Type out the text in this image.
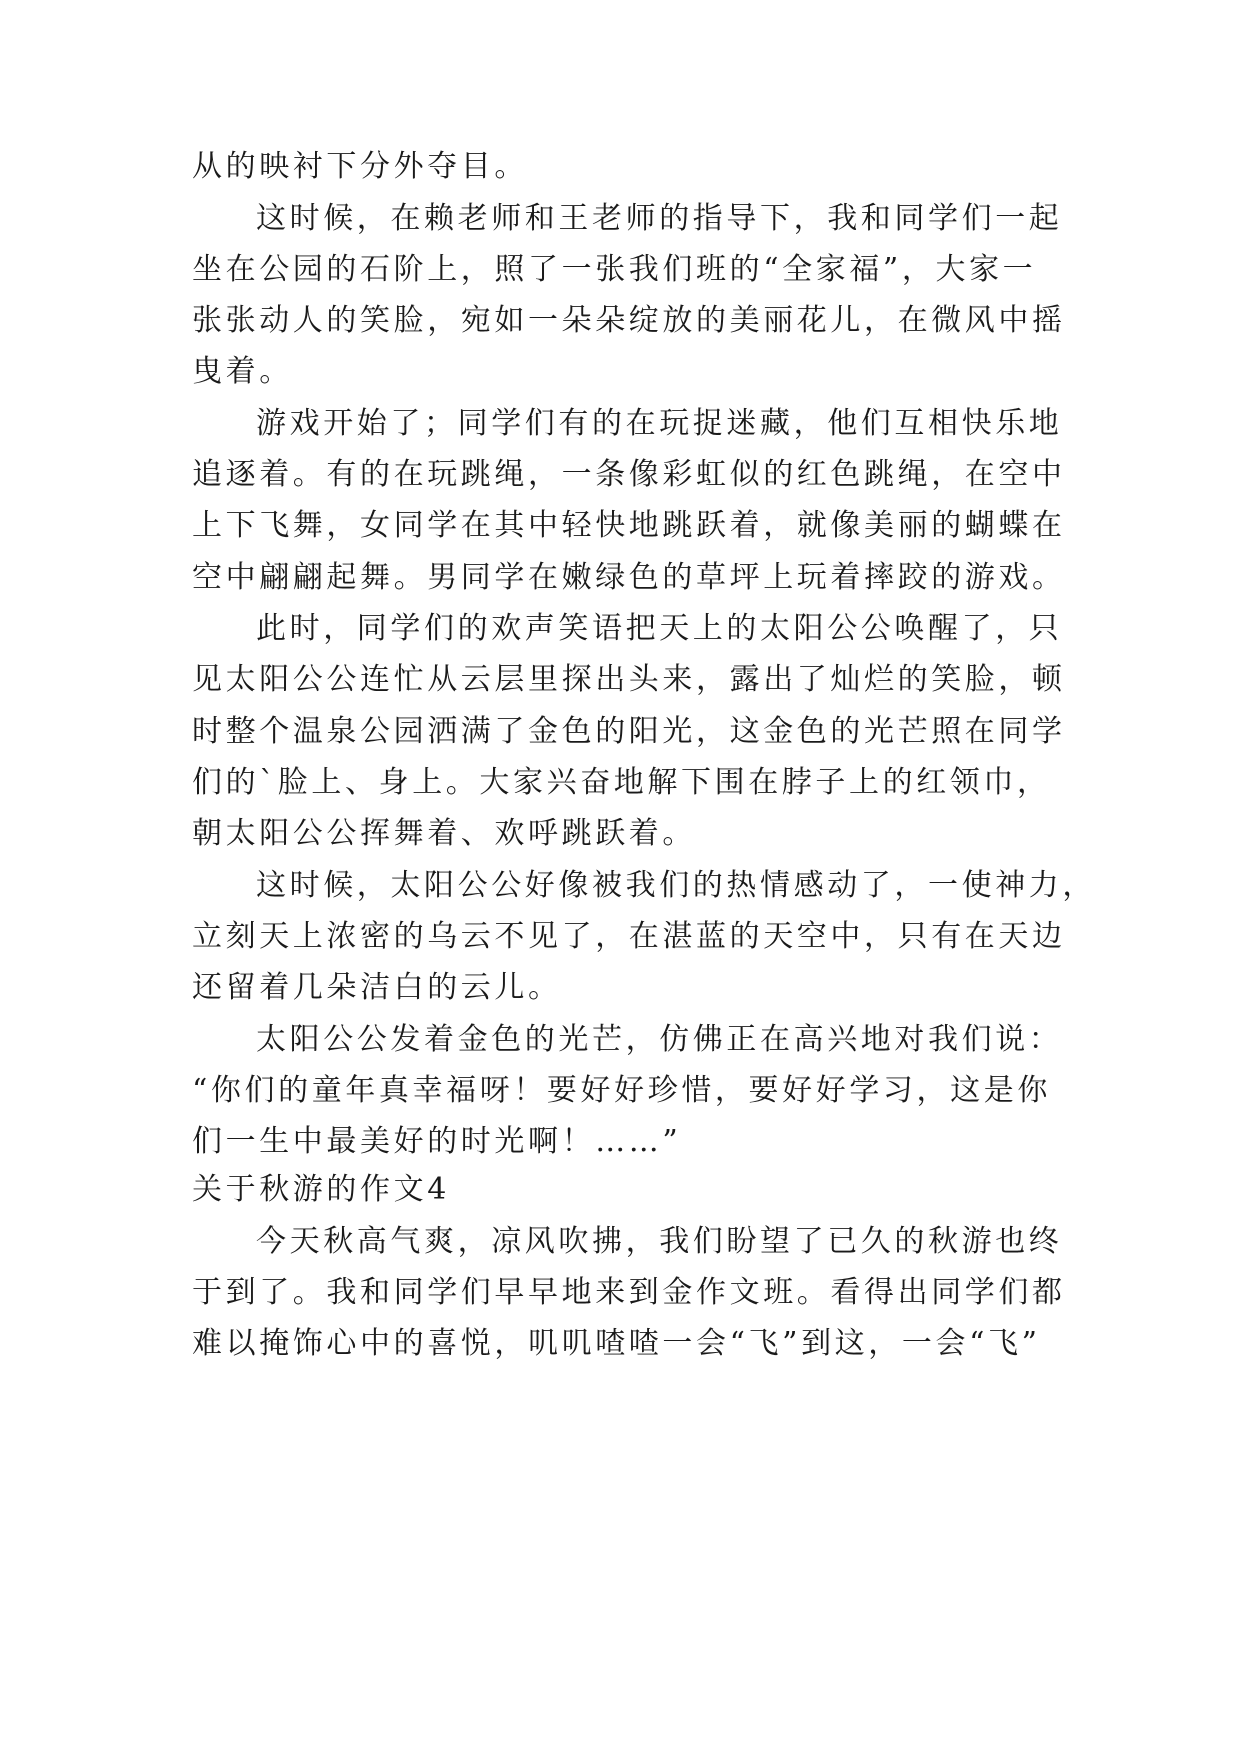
从的映衬下分外夺目。
这时候，在赖老师和王老师的指导下，我和同学们一起
坐在公园的石阶上，照了一张我们班的“全家福”，大家一
张张动人的笑脸，宛如一朵朵绽放的美丽花儿，在微风中摇
曳着。
游戏开始了；同学们有的在玩捉迷藏，他们互相快乐地
追逐着。有的在玩跳绳，一条像彩虹似的红色跳绳，在空中
上下飞舞，女同学在其中轻快地跳跃着，就像美丽的蝴蝶在
空中翩翩起舞。男同学在嫩绿色的草坪上玩着摔跤的游戏。
此时，同学们的欢声笑语把天上的太阳公公唤醒了，只
见太阳公公连忙从云层里探出头来，露出了灿烂的笑脸，顿
时整个温泉公园洒满了金色的阳光，这金色的光芒照在同学
们的`脸上、身上。大家兴奋地解下围在脖子上的红领巾，
朝太阳公公挥舞着、欢呼跳跃着。
这时候，太阳公公好像被我们的热情感动了，一使神力，
立刻天上浓密的乌云不见了，在湛蓝的天空中，只有在天边
还留着几朵洁白的云儿。
太阳公公发着金色的光芒，仿佛正在高兴地对我们说：
“你们的童年真幸福呀！要好好珍惜，要好好学习，这是你
们一生中最美好的时光啊！……”
关于秋游的作文4
今天秋高气爽，凉风吹拂，我们盼望了已久的秋游也终
于到了。我和同学们早早地来到金作文班。看得出同学们都
难以掩饰心中的喜悦，叽叽喳喳一会“飞”到这，一会“飞”
